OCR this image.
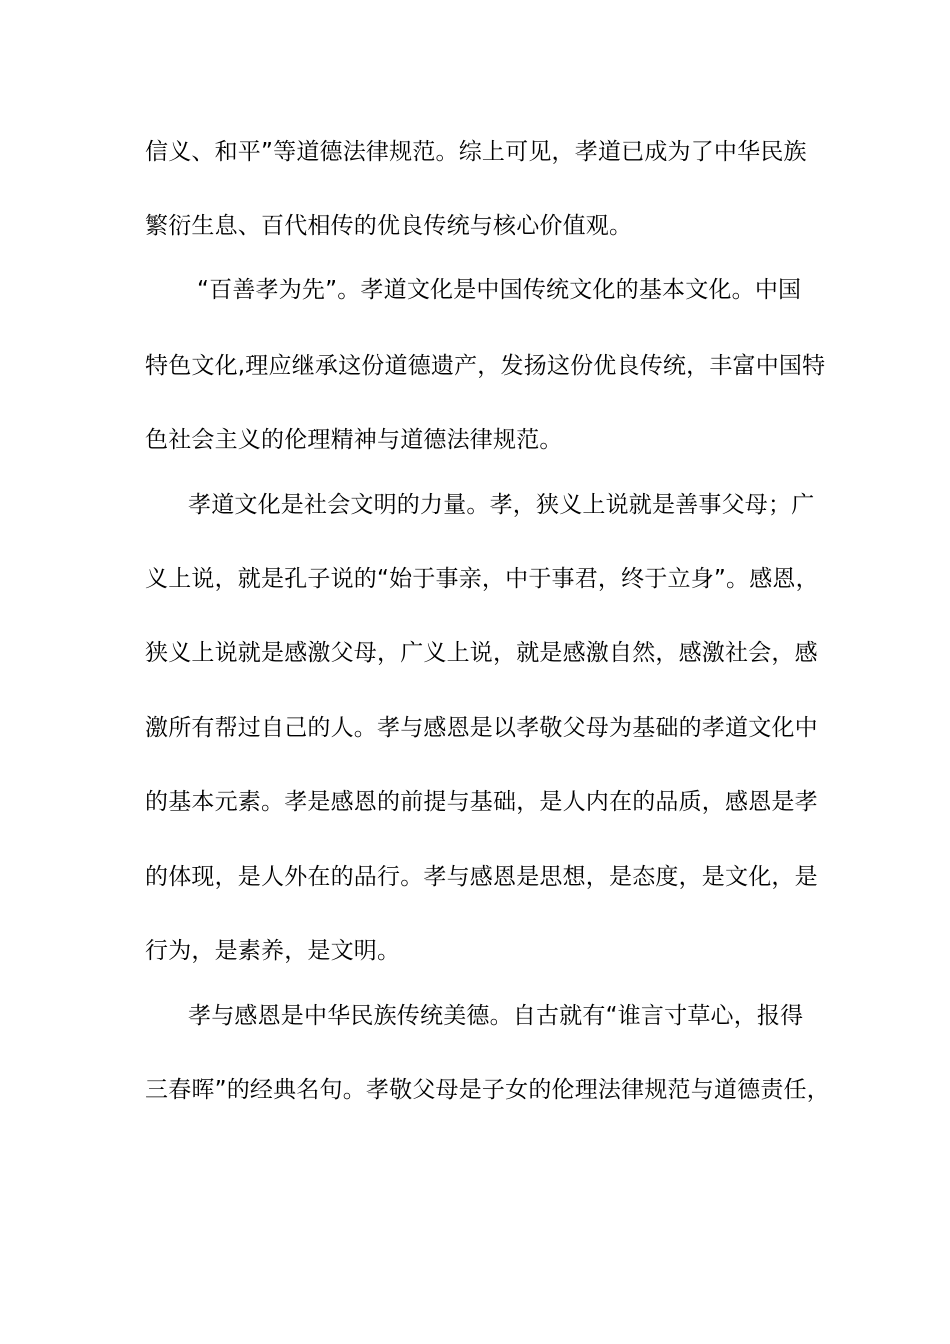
信义、和平”等道德法律规范。综上可见，孝道已成为了中华民族
繁衍生息、百代相传的优良传统与核心价值观。
“百善孝为先”。孝道文化是中国传统文化的基本文化。中国
特色文化,理应继承这份道德遗产，发扬这份优良传统，丰富中国特
色社会主义的伦理精神与道德法律规范。
孝道文化是社会文明的力量。孝，狭义上说就是善事父母；广
义上说，就是孔子说的“始于事亲，中于事君，终于立身”。感恩，
狭义上说就是感激父母，广义上说，就是感激自然，感激社会，感
激所有帮过自己的人。孝与感恩是以孝敬父母为基础的孝道文化中
的基本元素。孝是感恩的前提与基础，是人内在的品质，感恩是孝
的体现，是人外在的品行。孝与感恩是思想，是态度，是文化，是
行为，是素养，是文明。
孝与感恩是中华民族传统美德。自古就有“谁言寸草心，报得
三春晖”的经典名句。孝敬父母是子女的伦理法律规范与道德责任，
